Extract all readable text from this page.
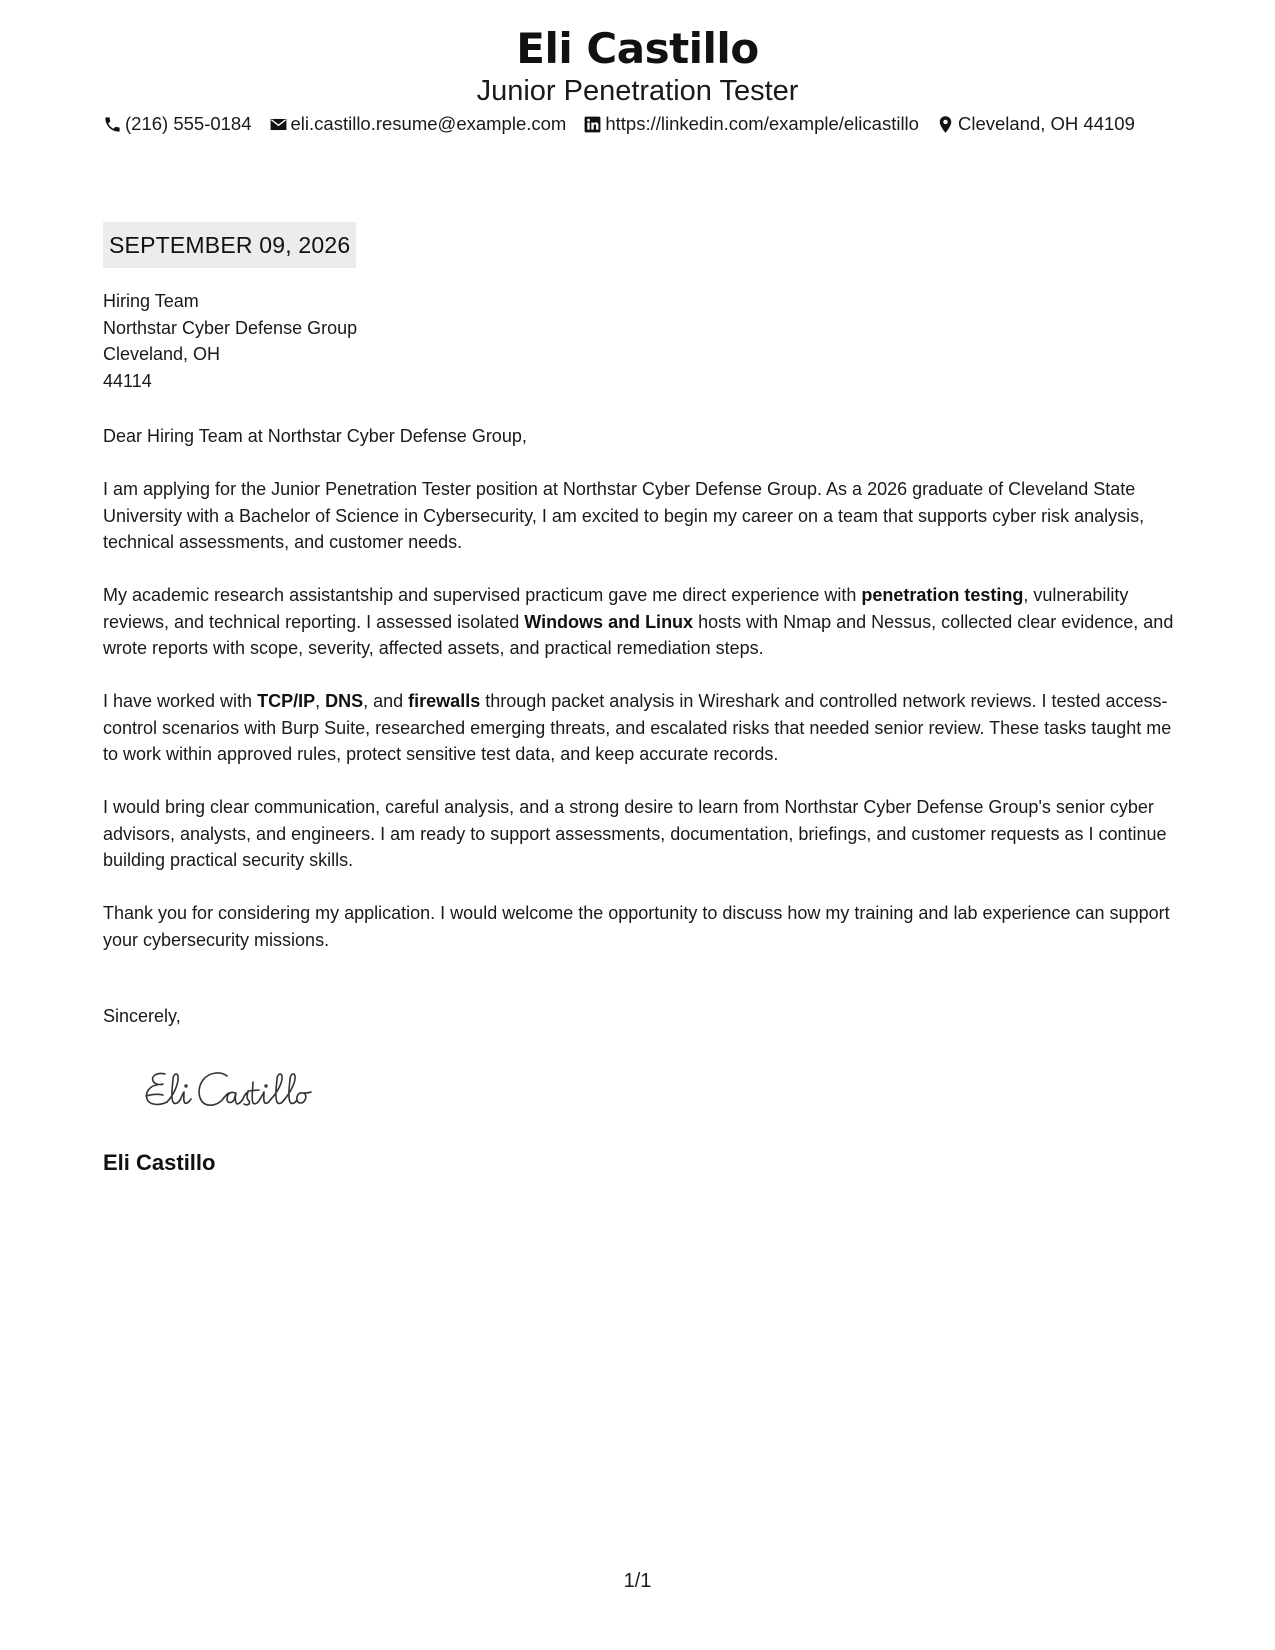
Eli Castillo
Junior Penetration Tester
(216) 555-0184 eli.castillo.resume@example.com https://linkedin.com/example/elicastillo Cleveland, OH 44109
SEPTEMBER 09, 2026
Hiring Team
Northstar Cyber Defense Group
Cleveland, OH
44114

Dear Hiring Team at Northstar Cyber Defense Group,

I am applying for the Junior Penetration Tester position at Northstar Cyber Defense Group. As a 2026 graduate of Cleveland State University with a Bachelor of Science in Cybersecurity, I am excited to begin my career on a team that supports cyber risk analysis, technical assessments, and customer needs.

My academic research assistantship and supervised practicum gave me direct experience with penetration testing, vulnerability reviews, and technical reporting. I assessed isolated Windows and Linux hosts with Nmap and Nessus, collected clear evidence, and wrote reports with scope, severity, affected assets, and practical remediation steps.

I have worked with TCP/IP, DNS, and firewalls through packet analysis in Wireshark and controlled network reviews. I tested access-control scenarios with Burp Suite, researched emerging threats, and escalated risks that needed senior review. These tasks taught me to work within approved rules, protect sensitive test data, and keep accurate records.

I would bring clear communication, careful analysis, and a strong desire to learn from Northstar Cyber Defense Group's senior cyber advisors, analysts, and engineers. I am ready to support assessments, documentation, briefings, and customer requests as I continue building practical security skills.

Thank you for considering my application. I would welcome the opportunity to discuss how my training and lab experience can support your cybersecurity missions.

Sincerely,
Eli Castillo
1/1
